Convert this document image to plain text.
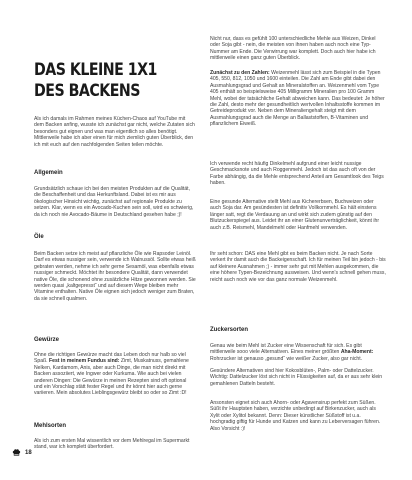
DAS KLEINE 1X1
DES BACKENS

Als ich damals im Rahmen meines Küchen-Chaos auf YouTube mit dem Backen anfing, wusste ich zunächst gar nicht, welche Zutaten sich besonders gut eignen und was man eigentlich so alles benötigt. Mittlerweile habe ich aber einen für mich ziemlich guten Überblick, den ich mit euch auf den nachfolgenden Seiten teilen möchte.

Allgemein

Grundsätzlich schaue ich bei den meisten Produkten auf die Qualität, die Beschaffenheit und das Herkunftsland. Dabei ist es mir aus ökologischer Hinsicht wichtig, zunächst auf regionale Produkte zu setzen. Klar, wenn es ein Avocado-Kuchen sein soll, wird es schwierig, da ich noch nie Avocado-Bäume in Deutschland gesehen habe ;)!

Öle

Beim Backen setze ich meist auf pflanzliche Öle wie Rapsoder Leinöl. Darf es etwas nussiger sein, verwende ich Walnussöl. Sollte etwas heiß gebraten werden, nehme ich sehr gerne Sesamöl, was ebenfalls etwas nussiger schmeckt. Möchtet ihr besondere Qualität, dann verwendet native Öle, die schonend ohne zusätzliche Hitze gewonnen werden. Sie werden quasi „kaltgepresst“ und auf diesem Wege bleiben mehr Vitamine enthalten. Native Öle eignen sich jedoch weniger zum Braten, da sie schnell qualmen.

Gewürze

Ohne die richtigen Gewürze macht das Leben doch nur halb so viel Spaß. Fest in meinem Fundus sind: Zimt, Muskatnuss, gemahlene Nelken, Kardamom, Anis, aber auch Dinge, die man nicht direkt mit Backen assoziiert, wie Ingwer oder Kurkuma. Wie auch bei vielen anderen Dingen: Die Gewürze in meinen Rezepten sind oft optional und ein Vorschlag stätt fester Regel und ihr könnt hier auch gerne variieren. Mein absolutes Lieblingsgewürz bleibt so oder so Zimt :D!

Mehlsorten

Als ich zum ersten Mal wissentlich vor dem Mehlregal im Supermarkt stand, war ich komplett überfordert.

Nicht nur, dass es gefühlt 100 unterschiedliche Mehle aus Weizen, Dinkel oder Soja gibt - nein, die meisten von ihnen haben auch noch eine Typ-Nummer am Ende. Die Verwirrung war komplett. Doch auch hier habe ich mittlerweile einen ganz guten Überblick.

Zunächst zu den Zahlen: Weizenmehl lässt sich zum Beispiel in die Typen 405, 550, 812, 1050 und 1600 einteilen. Die Zahl am Ende gibt dabei den Ausmahlungsgrad und Gehalt an Mineralstoffen an. Weizenmehl vom Type 405 enthält so beispielsweise 405 Milligramm Mineralien pro 100 Gramm Mehl, wobei der tatsächliche Gehalt abweichen kann. Das bedeutet: Je höher die Zahl, desto mehr der gesundheitlich wertvollen Inhaltsstoffe kommen im Getreideprodukt vor. Neben dem Mineraliengehalt steigt mit dem Ausmahlungsgrad auch die Menge an Ballaststoffen, B-Vitaminen und pflanzlichem Eiweiß.

Ich verwende recht häufig Dinkelmehl aufgrund einer leicht nussige Geschmacksnote und auch Roggenmehl. Jedoch ist das auch oft von der Farbe abhängig, da die Mehle entsprechend Anteil am Gesamtlook des Teigs haben.

Eine gesunde Alternative stellt Mehl aus Kichererbsen, Buchweizen oder auch Soja dar. Am gesündesten ist definitiv Vollkornmehl. Es hält einstens länger satt, regt die Verdauung an und wirkt sich zudem günstig auf den Blutzuckerspiegel aus. Leidet ihr an einer Glutenunverträglichkeit, könnt ihr auch z.B. Reismehl, Mandelmehl oder Hanfmehl verwenden.

Ihr seht schon: DAS eine Mehl gibt es beim Backen nicht. Je nach Sorte verkert ihr damit auch die Backeigenschaft. Ich für meinen Teil bin jedoch - bis auf kleinere Ausnahmen ;) - immer sehr gut mit Mehlen ausgekommen, die eine höhere Typen-Bezeichnung ausweisen. Und wenn's schnell gehen muss, reicht auch noch wie vor das ganz normale Weizenmehl.

Zuckersorten

Genau wie beim Mehl ist Zucker eine Wissenschaft für sich. Es gibt mittlerweile sooo viele Alternativen. Eines meiner größten Aha-Moment: Rohrzucker ist genauso „gesund“ wie weißer Zucker, also gar nicht.

Gesündere Alternativen sind hier Kokosblüten-, Palm- oder Dattelzucker. Wichtig: Dattelzucker löst sich nicht in Flüssigkeiten auf, da er aus sehr klein gemahlenen Datteln besteht.

Ansonsten eignet sich auch Ahorn- oder Agavensirup perfekt zum Süßen. Süßt ihr Hauptsten haben, verzichte unbedingt auf Birkenzucker, auch als Xylit oder Xylitol bekannt. Denn: Dieser künstlicher Süßstoff ist u.a. hochgradig giftig für Hunde und Katzen und kann zu Leberversagen führen. Also Vorsicht :)!

18
